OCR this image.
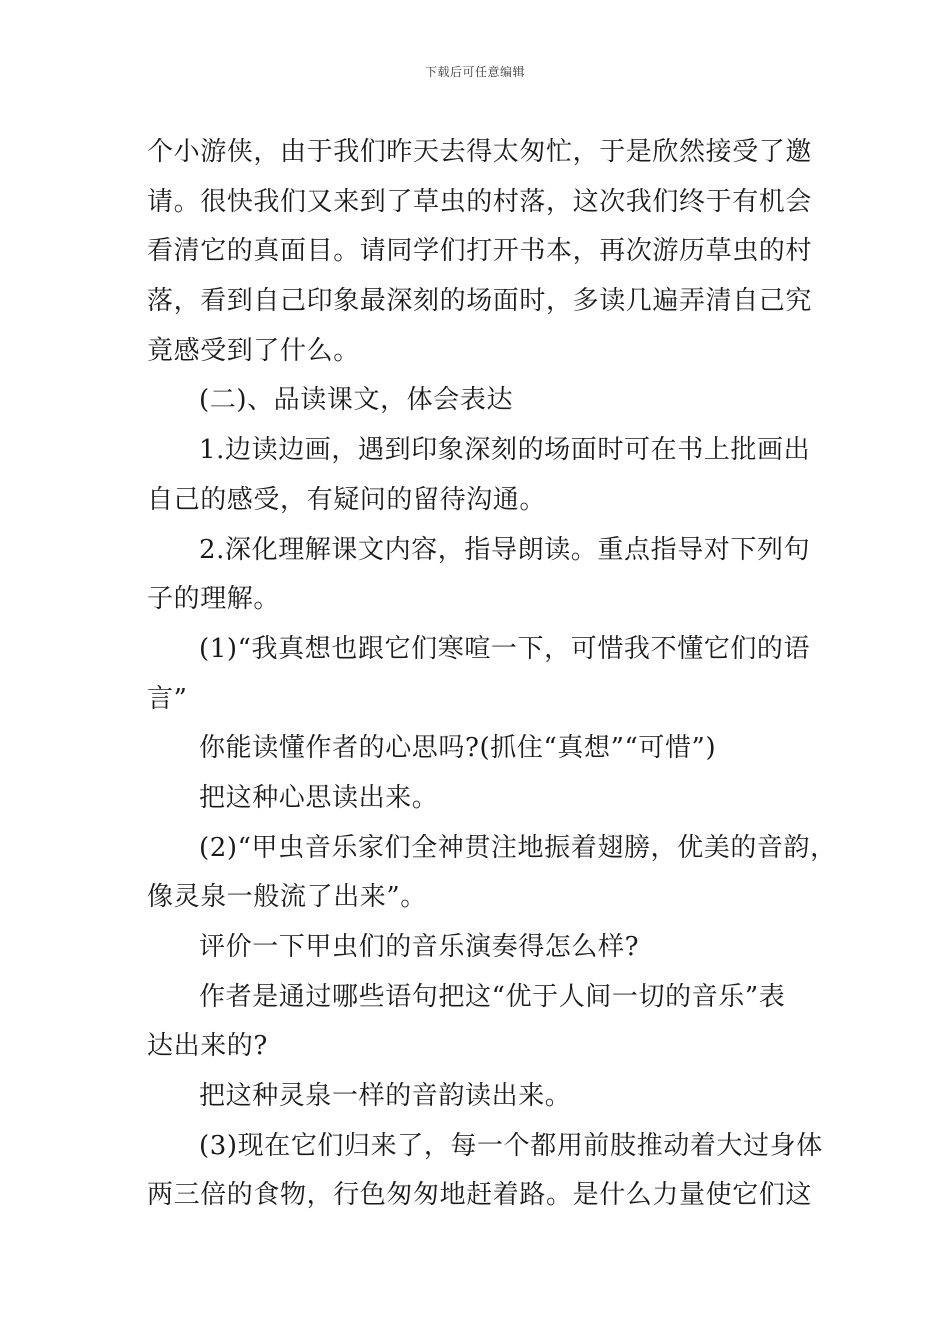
下载后可任意编辑
个小游侠，由于我们昨天去得太匆忙，于是欣然接受了邀
请。很快我们又来到了草虫的村落，这次我们终于有机会
看清它的真面目。请同学们打开书本，再次游历草虫的村
落，看到自己印象最深刻的场面时，多读几遍弄清自己究
竟感受到了什么。
(二)、品读课文，体会表达
1.边读边画，遇到印象深刻的场面时可在书上批画出
自己的感受，有疑问的留待沟通。
2.深化理解课文内容，指导朗读。重点指导对下列句
子的理解。
(1)“我真想也跟它们寒喧一下，可惜我不懂它们的语
言”
你能读懂作者的心思吗?(抓住“真想”“可惜”)
把这种心思读出来。
(2)“甲虫音乐家们全神贯注地振着翅膀，优美的音韵，
像灵泉一般流了出来”。
评价一下甲虫们的音乐演奏得怎么样?
作者是通过哪些语句把这“优于人间一切的音乐”表
达出来的?
把这种灵泉一样的音韵读出来。
(3)现在它们归来了，每一个都用前肢推动着大过身体
两三倍的食物，行色匆匆地赶着路。是什么力量使它们这
